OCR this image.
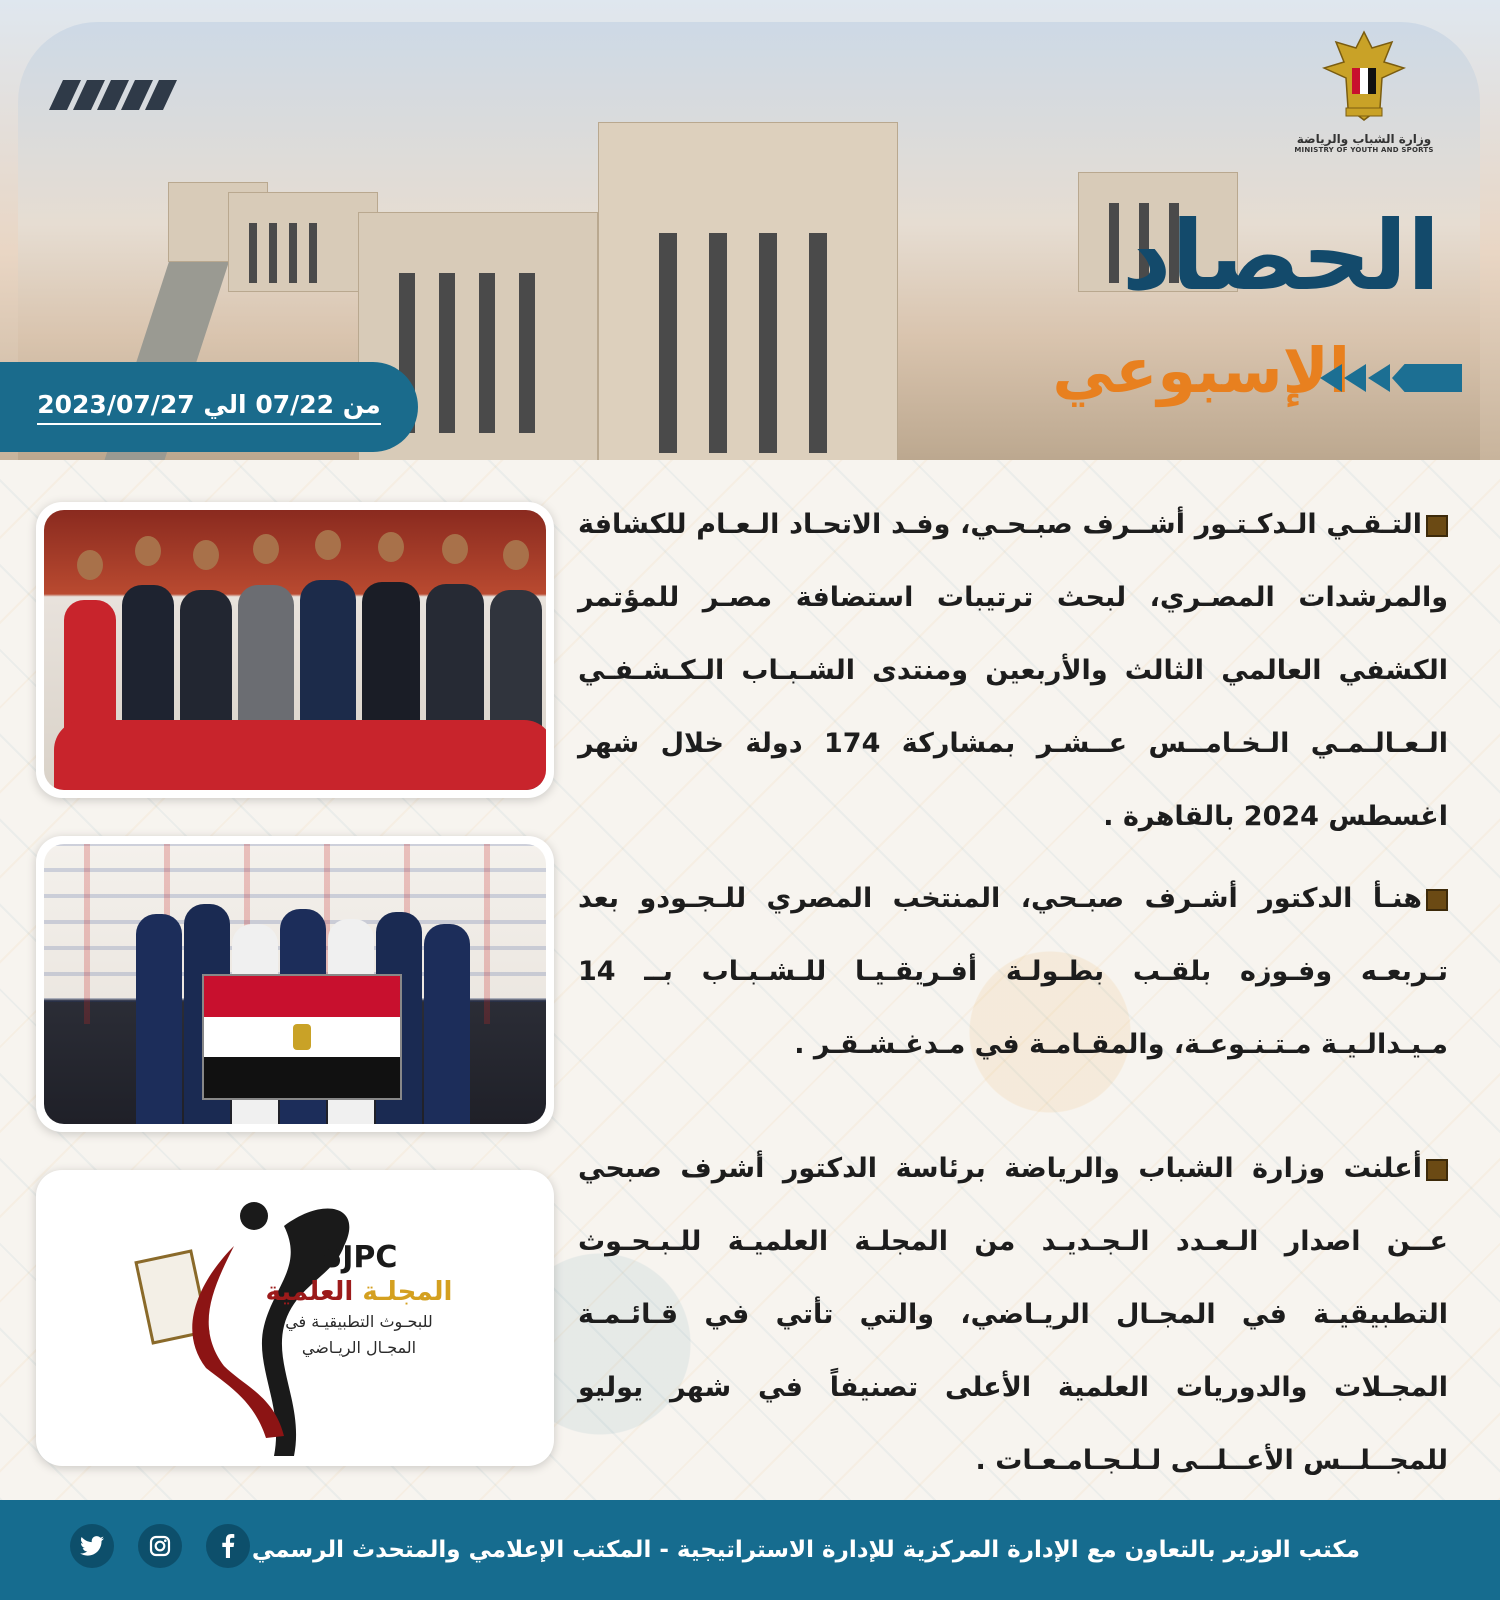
وزارة الشباب والرياضة
MINISTRY OF YOUTH AND SPORTS
الحصاد
الإسبوعي
من 07/22 الي 2023/07/27

التـقـي الـدكـتـور أشــرف صبـحـي، وفـد الاتحـاد الـعـام للكشافة والمرشدات المصـري، لبحث ترتيبات استضافة مصـر للمؤتمر الكشفي العالمي الثالث والأربعين ومنتدى الشـبـاب الـكـشـفـي الـعـالـمـي الـخـامــس عــشـر بمشاركة 174 دولة خلال شهر اغسطس 2024 بالقاهرة .

هنـأ الدكتور أشـرف صبـحي، المنتخب المصري للـجـودو بعد تـربعـه وفـوزه بلقـب بطـولـة أفـريقـيـا للـشـبـاب بــ 14 مـيـدالـيـة مـتـنـوعـة، والمقـامـة في مـدغـشـقـر .

أعلنت وزارة الشباب والرياضة برئاسة الدكتور أشرف صبحي عــن اصدار الـعـدد الـجـديـد من المجلـة العلميـة للـبـحـوث التطبيقيـة في المجـال الريـاضي، والتي تأتي في قـائـمـة المجـلات والدوريات العلمية الأعلى تصنيفاً في شهر يوليو للمجــلــس الأعــلــى لـلـجـامـعـات .

SJPC
المجلـة العلمية
للبحـوث التطبيقيـة في
المجـال الريـاضي
مكتب الوزير بالتعاون مع الإدارة المركزية للإدارة الاستراتيجية - المكتب الإعلامي والمتحدث الرسمي
